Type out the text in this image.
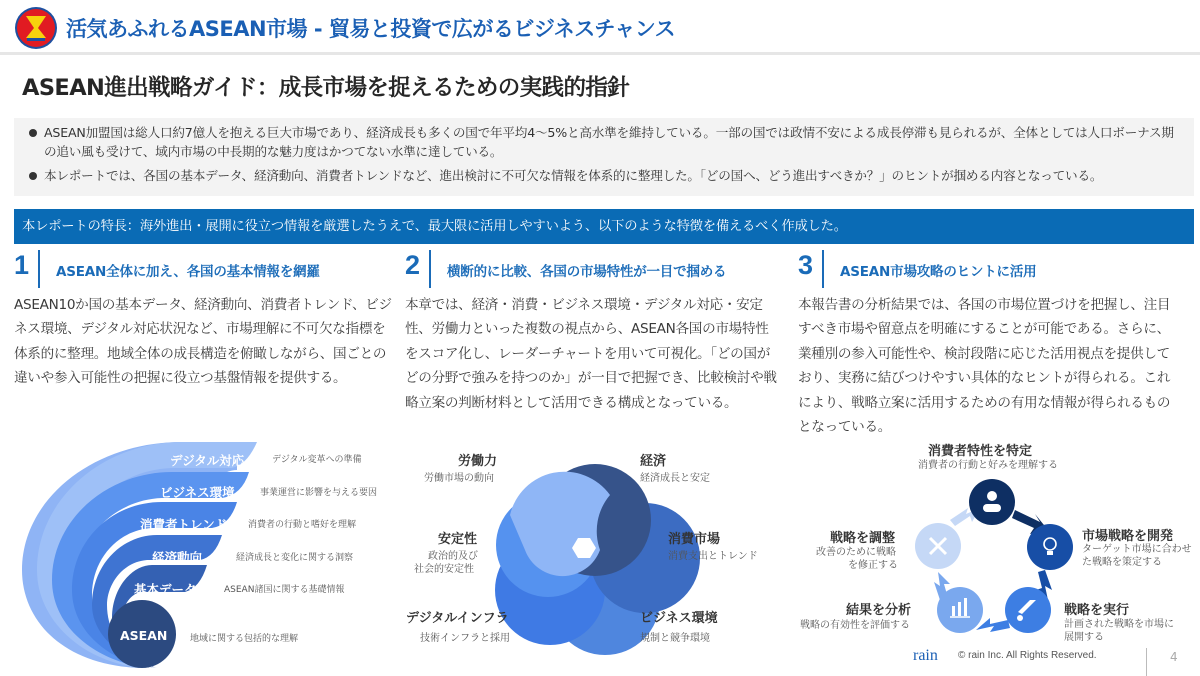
活気あふれるASEAN市場 - 貿易と投資で広がるビジネスチャンス
ASEAN進出戦略ガイド：成長市場を捉えるための実践的指針
ASEAN加盟国は総人口約7億人を抱える巨大市場であり、経済成長も多くの国で年平均4～5%と高水準を維持している。一部の国では政情不安による成長停滞も見られるが、全体としては人口ボーナス期の追い風も受けて、域内市場の中長期的な魅力度はかつてない水準に達している。
本レポートでは、各国の基本データ、経済動向、消費者トレンドなど、進出検討に不可欠な情報を体系的に整理した。「どの国へ、どう進出すべきか？」のヒントが掴める内容となっている。
本レポートの特長：海外進出・展開に役立つ情報を厳選したうえで、最大限に活用しやすいよう、以下のような特徴を備えるべく作成した。
1 ASEAN全体に加え、各国の基本情報を網羅
ASEAN10か国の基本データ、経済動向、消費者トレンド、ビジネス環境、デジタル対応状況など、市場理解に不可欠な指標を体系的に整理。地域全体の成長構造を俯瞰しながら、国ごとの違いや参入可能性の把握に役立つ基盤情報を提供する。
2 横断的に比較、各国の市場特性が一目で掴める
本章では、経済・消費・ビジネス環境・デジタル対応・安定性、労働力といった複数の視点から、ASEAN各国の市場特性をスコア化し、レーダーチャートを用いて可視化。「どの国がどの分野で強みを持つのか」が一目で把握でき、比較検討や戦略立案の判断材料として活用できる構成となっている。
3 ASEAN市場攻略のヒントに活用
本報告書の分析結果では、各国の市場位置づけを把握し、注目すべき市場や留意点を明確にすることが可能である。さらに、業種別の参入可能性や、検討段階に応じた活用視点を提供しており、実務に結びつけやすい具体的なヒントが得られる。これにより、戦略立案に活用するための有用な情報が得られるものとなっている。
デジタル対応
ビジネス環境
消費者トレンド
経済動向
基本データ
ASEAN
デジタル変革への準備
事業運営に影響を与える要因
消費者の行動と嗜好を理解
経済成長と変化に関する洞察
ASEAN諸国に関する基礎情報
地域に関する包括的な理解
労働力
労働市場の動向
経済
経済成長と安定
安定性
政治的及び
社会的安定性
消費市場
消費支出とトレンド
デジタルインフラ
技術インフラと採用
ビジネス環境
規制と競争環境
消費者特性を特定
消費者の行動と好みを理解する
市場戦略を開発
ターゲット市場に合わせ
た戦略を策定する
戦略を実行
計画された戦略を市場に
展開する
結果を分析
戦略の有効性を評価する
戦略を調整
改善のために戦略
を修正する
rain © rain Inc. All Rights Reserved.	4
